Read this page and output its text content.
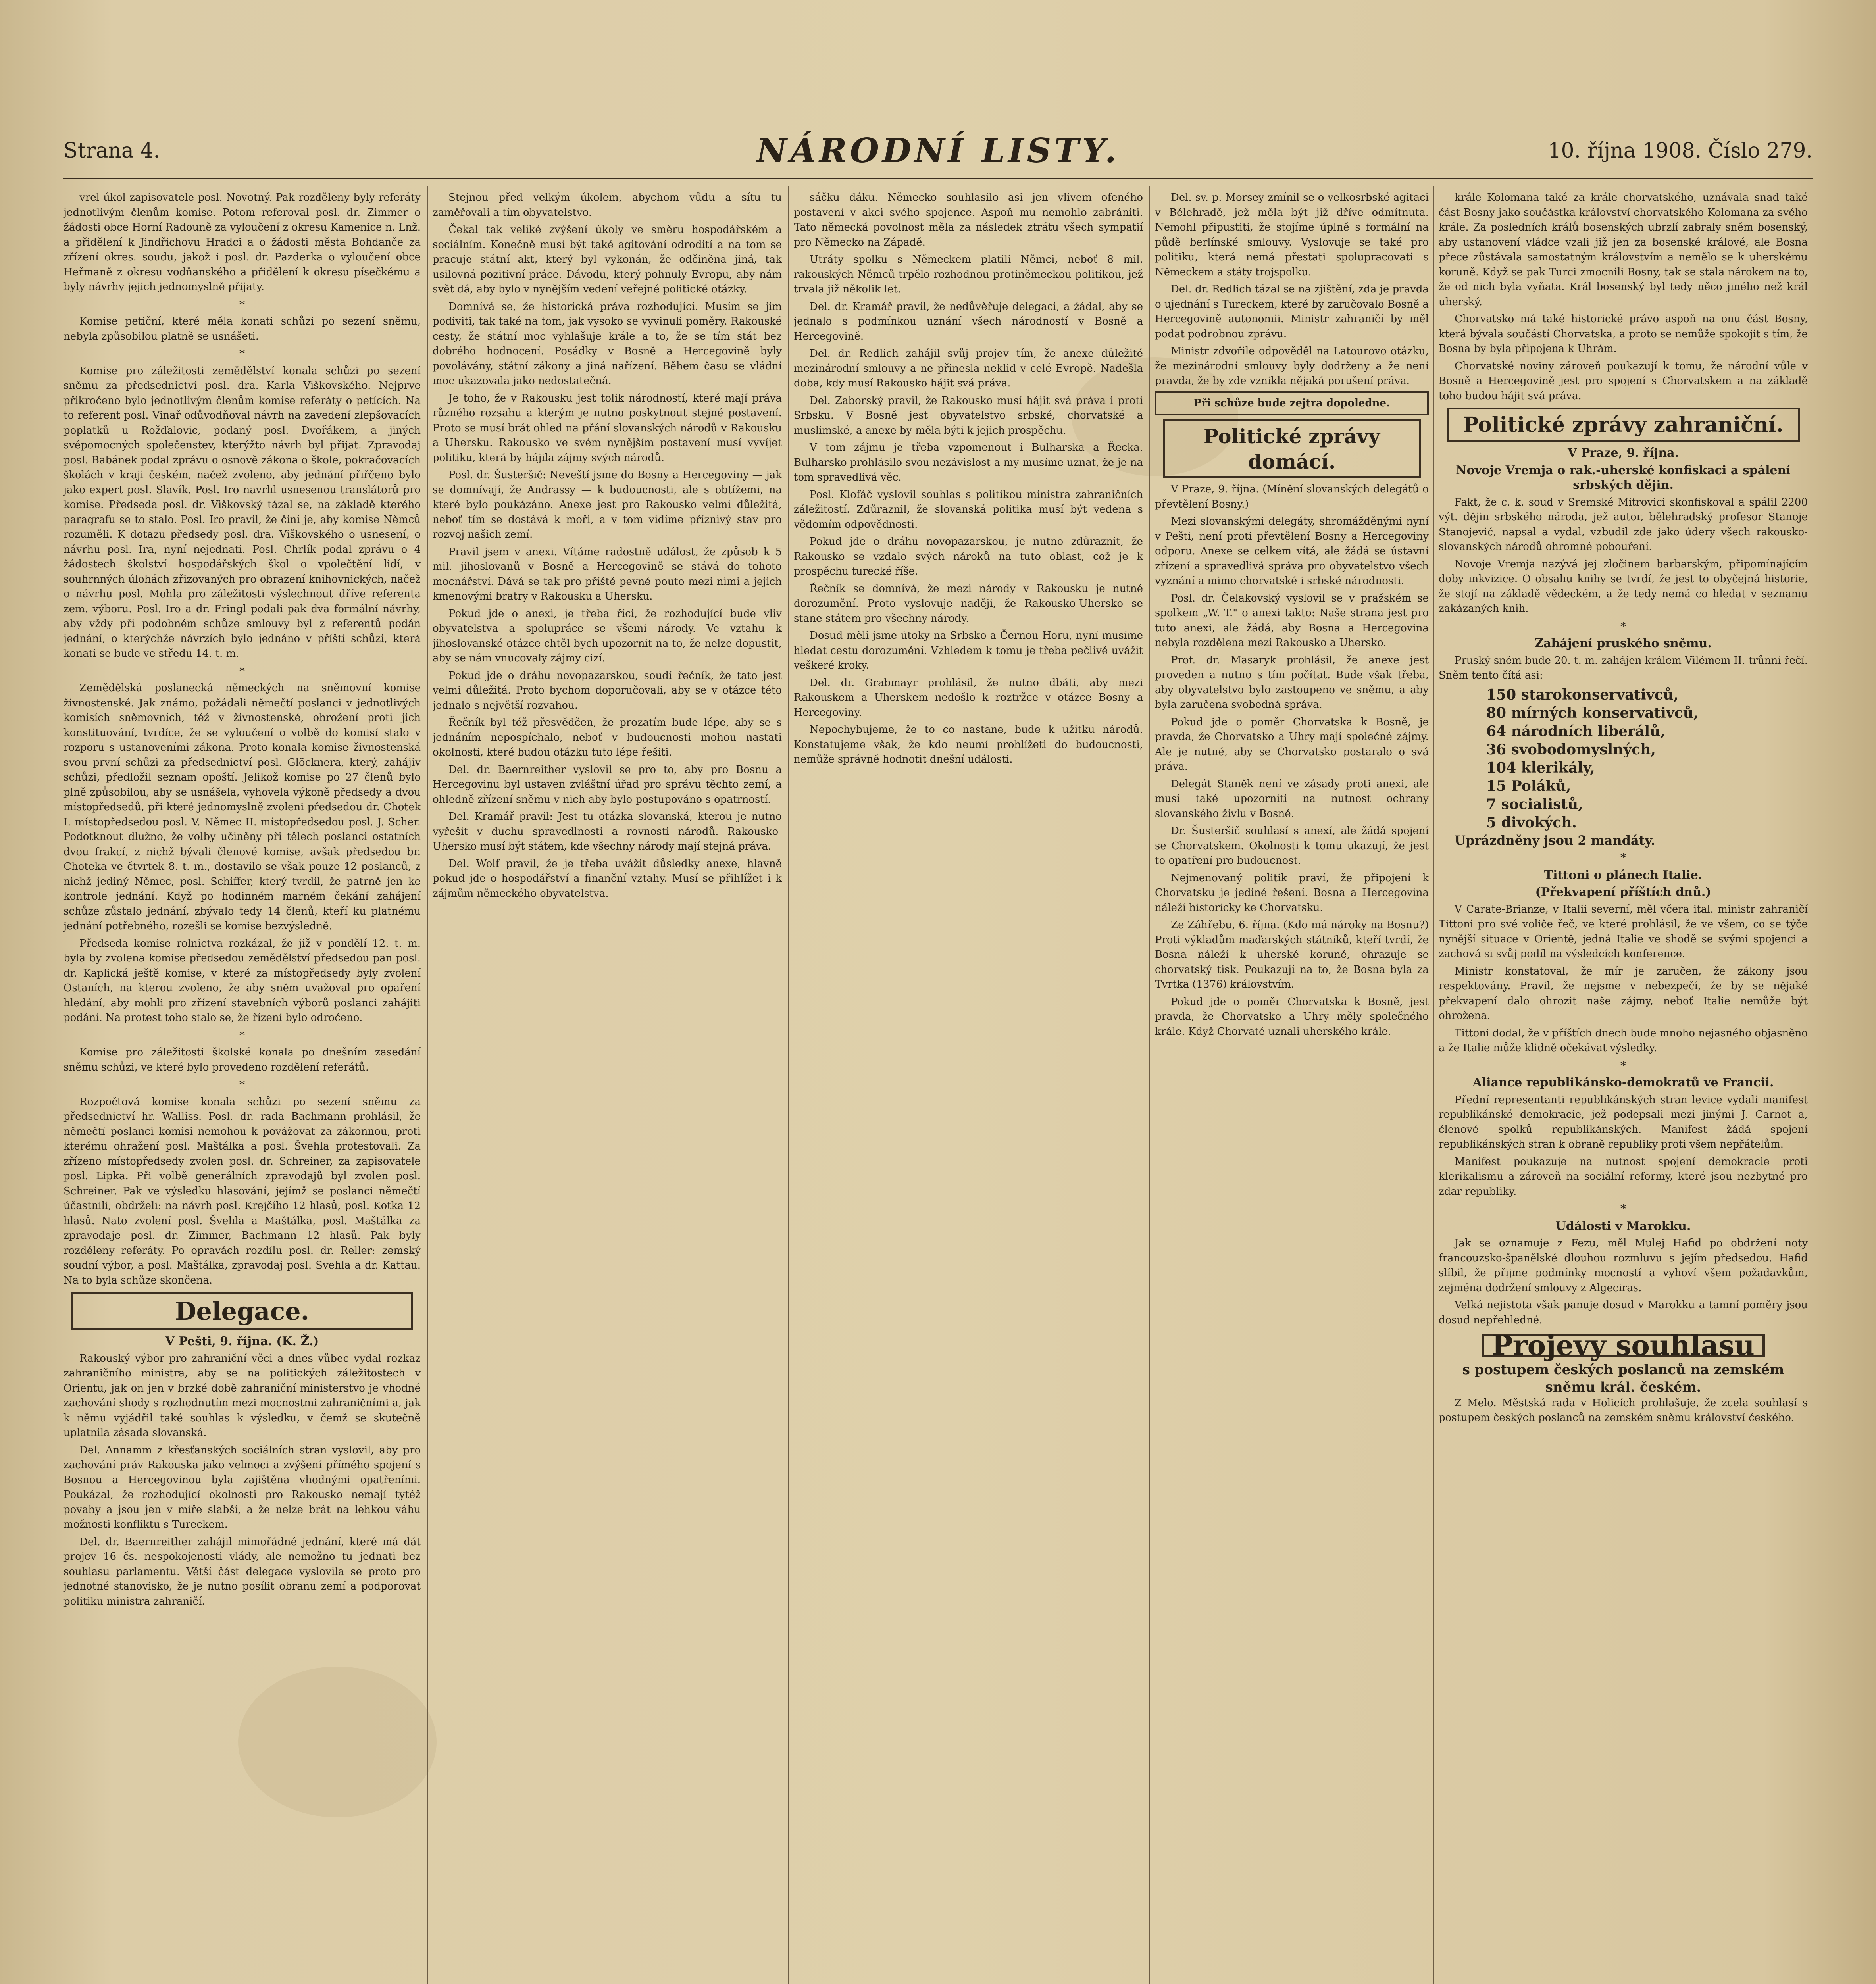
Strana 4.	NÁRODNÍ LISTY.	10. října 1908. Číslo 279.

vrel úkol zapisovatele posl. Novotný. Pak rozděleny byly referáty jednotlivým členům komise. Potom referoval posl. dr. Zimmer o žádosti obce Horní Radouně za vyloučení z okresu Kamenice n. Lnž. a přidělení k Jindřichovu Hradci a o žádosti města Bohdanče za zřízení okres. soudu, jakož i posl. dr. Pazderka o vyloučení obce Heřmaně z okresu vodňanského a přidělení k okresu písečkému a byly návrhy jejich jednomyslně přijaty.

*

Komise petiční, které měla konati schůzi po sezení sněmu, nebyla způsobilou platně se usnášeti.

*

Komise pro záležitosti zemědělství konala schůzi po sezení sněmu za předsednictví posl. dra. Karla Viškovského. Nejprve přikročeno bylo jednotlivým členům komise referáty o petících. Na to referent posl. Vinař odůvodňoval návrh na zavedení zlepšovacích poplatků u Rožďalovic, podaný posl. Dvořákem, a jiných svépomocných společenstev, kterýžto návrh byl přijat. Zpravodaj posl. Babánek podal zprávu o osnově zákona o škole, pokračovacích školách v kraji českém, načež zvoleno, aby jednání přiřčeno bylo jako expert posl. Slavík. Posl. Iro navrhl usnesenou translátorů pro komise. Předseda posl. dr. Viškovský tázal se, na základě kterého paragrafu se to stalo. Posl. Iro pravil, že činí je, aby komise Němců rozuměli. K dotazu předsedy posl. dra. Viškovského o usnesení, o návrhu posl. Ira, nyní nejednati. Posl. Chrlík podal zprávu o 4 žádostech školství hospodářských škol o vpolečtění lidí, v souhrnných úlohách zřizovaných pro obrazení knihovnických, načež o návrhu posl. Mohla pro záležitosti výslechnout dříve referenta zem. výboru. Posl. Iro a dr. Fringl podali pak dva formální návrhy, aby vždy při podobném schůze smlouvy byl z referentů podán jednání, o kterýchže návrzích bylo jednáno v příští schůzi, která konati se bude ve středu 14. t. m.

*

Zemědělská poslanecká německých na sněmovní komise živnostenské. Jak známo, požádali němečtí poslanci v jednotlivých komisích sněmovních, též v živnostenské, ohrožení proti jich konstituování, tvrdíce, že se vyloučení o volbě do komisí stalo v rozporu s ustanoveními zákona. Proto konala komise živnostenská svou první schůzi za předsednictví posl. Glöcknera, který, zahájiv schůzi, předložil seznam opoští. Jelikož komise po 27 členů bylo plně způsobilou, aby se usnášela, vyhovela výkoně předsedy a dvou místopředsedů, při které jednomyslně zvoleni předsedou dr. Chotek I. místopředsedou posl. V. Němec II. místopředsedou posl. J. Scher. Podotknout dlužno, že volby učiněny při tělech poslanci ostatních dvou frakcí, z nichž bývali členové komise, avšak předsedou br. Choteka ve čtvrtek 8. t. m., dostavilo se však pouze 12 poslanců, z nichž jediný Němec, posl. Schiffer, který tvrdil, že patrně jen ke kontrole jednání. Když po hodinném marném čekání zahájení schůze zůstalo jednání, zbývalo tedy 14 členů, kteří ku platnému jednání potřebného, rozešli se komise bezvýsledně.

Předseda komise rolnictva rozkázal, že již v pondělí 12. t. m. byla by zvolena komise předsedou zemědělství předsedou pan posl. dr. Kaplická ještě komise, v které za místopředsedy byly zvolení Ostaních, na kterou zvoleno, že aby sněm uvažoval pro opaření hledání, aby mohli pro zřízení stavebních výborů poslanci zahájiti podání. Na protest toho stalo se, že řízení bylo odročeno.

*

Komise pro záležitosti školské konala po dnešním zasedání sněmu schůzi, ve které bylo provedeno rozdělení referátů.

*

Rozpočtová komise konala schůzi po sezení sněmu za předsednictví hr. Walliss. Posl. dr. rada Bachmann prohlásil, že němečtí poslanci komisi nemohou k povážovat za zákonnou, proti kterému ohražení posl. Maštálka a posl. Švehla protestovali. Za zřízeno místopředsedy zvolen posl. dr. Schreiner, za zapisovatele posl. Lipka. Při volbě generálních zpravodajů byl zvolen posl. Schreiner. Pak ve výsledku hlasování, jejímž se poslanci němečtí účastnili, obdrželi: na návrh posl. Krejčího 12 hlasů, posl. Kotka 12 hlasů. Nato zvolení posl. Švehla a Maštálka, posl. Maštálka za zpravodaje posl. dr. Zimmer, Bachmann 12 hlasů. Pak byly rozděleny referáty. Po opravách rozdílu posl. dr. Reller: zemský soudní výbor, a posl. Maštálka, zpravodaj posl. Svehla a dr. Kattau. Na to byla schůze skončena.

Delegace.

V Pešti, 9. října. (K. Ž.)

Rakouský výbor pro zahraniční věci a dnes vůbec vydal rozkaz zahraničního ministra, aby se na politických záležitostech v Orientu, jak on jen v brzké době zahraniční ministerstvo je vhodné zachování shody s rozhodnutím mezi mocnostmi zahraničními a, jak k němu vyjádřil také souhlas k výsledku, v čemž se skutečně uplatnila zásada slovanská.

Del. Annamm z křesťanských sociálních stran vyslovil, aby pro zachování práv Rakouska jako velmoci a zvýšení přímého spojení s Bosnou a Hercegovinou byla zajištěna vhodnými opatřeními. Poukázal, že rozhodující okolnosti pro Rakousko nemají tytéž povahy a jsou jen v míře slabší, a že nelze brát na lehkou váhu možnosti konfliktu s Tureckem.

Del. dr. Baernreither zahájil mimořádné jednání, které má dát projev 16 čs. nespokojenosti vlády, ale nemožno tu jednati bez souhlasu parlamentu. Větší část delegace vyslovila se proto pro jednotné stanovisko, že je nutno posílit obranu zemí a podporovat politiku ministra zahraničí.

Stejnou před velkým úkolem, abychom vůdu a sítu tu zaměřovali a tím obyvatelstvo.

Čekal tak veliké zvýšení úkoly ve směru hospodářském a sociálním. Konečně musí být také agitování odrodití a na tom se pracuje státní akt, který byl vykonán, že odčiněna jiná, tak usilovná pozitivní práce. Dávodu, který pohnuly Evropu, aby nám svět dá, aby bylo v nynějším vedení veřejné politické otázky.

Domnívá se, že historická práva rozhodující. Musím se jim podiviti, tak také na tom, jak vysoko se vyvinuli poměry. Rakouské cesty, že státní moc vyhlašuje krále a to, že se tím stát bez dobrého hodnocení. Posádky v Bosně a Hercegovině byly povolávány, státní zákony a jiná nařízení. Během času se vládní moc ukazovala jako nedostatečná.

Je toho, že v Rakousku jest tolik národností, které mají práva různého rozsahu a kterým je nutno poskytnout stejné postavení. Proto se musí brát ohled na přání slovanských národů v Rakousku a Uhersku. Rakousko ve svém nynějším postavení musí vyvíjet politiku, která by hájila zájmy svých národů.

Posl. dr. Šusteršič: Neveští jsme do Bosny a Hercegoviny — jak se domnívají, že Andrassy — k budoucnosti, ale s obtížemi, na které bylo poukázáno. Anexe jest pro Rakousko velmi důležitá, neboť tím se dostává k moři, a v tom vidíme příznivý stav pro rozvoj našich zemí.

Pravil jsem v anexi. Vítáme radostně událost, že způsob k 5 mil. jihoslovanů v Bosně a Hercegovině se stává do tohoto mocnářství. Dává se tak pro příště pevné pouto mezi nimi a jejich kmenovými bratry v Rakousku a Uhersku.

Pokud jde o anexi, je třeba říci, že rozhodující bude vliv obyvatelstva a spolupráce se všemi národy. Ve vztahu k jihoslovanské otázce chtěl bych upozornit na to, že nelze dopustit, aby se nám vnucovaly zájmy cizí.

Pokud jde o dráhu novopazarskou, soudí řečník, že tato jest velmi důležitá. Proto bychom doporučovali, aby se v otázce této jednalo s největší rozvahou.

Řečník byl též přesvědčen, že prozatím bude lépe, aby se s jednáním nepospíchalo, neboť v budoucnosti mohou nastati okolnosti, které budou otázku tuto lépe řešiti.

Del. dr. Baernreither vyslovil se pro to, aby pro Bosnu a Hercegovinu byl ustaven zvláštní úřad pro správu těchto zemí, a ohledně zřízení sněmu v nich aby bylo postupováno s opatrností.

Del. Kramář pravil: Jest tu otázka slovanská, kterou je nutno vyřešit v duchu spravedlnosti a rovnosti národů. Rakousko-Uhersko musí být státem, kde všechny národy mají stejná práva.

Del. Wolf pravil, že je třeba uvážit důsledky anexe, hlavně pokud jde o hospodářství a finanční vztahy. Musí se přihlížet i k zájmům německého obyvatelstva.

sáčku dáku. Německo souhlasilo asi jen vlivem ofeného postavení v akci svého spojence. Aspoň mu nemohlo zabrániti. Tato německá povolnost měla za následek ztrátu všech sympatií pro Německo na Západě.

Utráty spolku s Německem platili Němci, neboť 8 mil. rakouských Němců trpělo rozhodnou protiněmeckou politikou, jež trvala již několik let.

Del. dr. Kramář pravil, že nedůvěřuje delegaci, a žádal, aby se jednalo s podmínkou uznání všech národností v Bosně a Hercegovině.

Del. dr. Redlich zahájil svůj projev tím, že anexe důležité mezinárodní smlouvy a ne přinesla neklid v celé Evropě. Nadešla doba, kdy musí Rakousko hájit svá práva.

Del. Zaborský pravil, že Rakousko musí hájit svá práva i proti Srbsku. V Bosně jest obyvatelstvo srbské, chorvatské a muslimské, a anexe by měla býti k jejich prospěchu.

V tom zájmu je třeba vzpomenout i Bulharska a Řecka. Bulharsko prohlásilo svou nezávislost a my musíme uznat, že je na tom spravedlivá věc.

Posl. Klofáč vyslovil souhlas s politikou ministra zahraničních záležitostí. Zdůraznil, že slovanská politika musí být vedena s vědomím odpovědnosti.

Pokud jde o dráhu novopazarskou, je nutno zdůraznit, že Rakousko se vzdalo svých nároků na tuto oblast, což je k prospěchu turecké říše.

Řečník se domnívá, že mezi národy v Rakousku je nutné dorozumění. Proto vyslovuje naději, že Rakousko-Uhersko se stane státem pro všechny národy.

Dosud měli jsme útoky na Srbsko a Černou Horu, nyní musíme hledat cestu dorozumění. Vzhledem k tomu je třeba pečlivě uvážit veškeré kroky.

Del. dr. Grabmayr prohlásil, že nutno dbáti, aby mezi Rakouskem a Uherskem nedošlo k roztržce v otázce Bosny a Hercegoviny.

Nepochybujeme, že to co nastane, bude k užitku národů. Konstatujeme však, že kdo neumí prohlížeti do budoucnosti, nemůže správně hodnotit dnešní události.

Del. sv. p. Morsey zmínil se o velkosrbské agitaci v Bělehradě, jež měla být již dříve odmítnuta. Nemohl připustiti, že stojíme úplně s formální na půdě berlínské smlouvy. Vyslovuje se také pro politiku, která nemá přestati spolupracovati s Německem a státy trojspolku.

Del. dr. Redlich tázal se na zjištění, zda je pravda o ujednání s Tureckem, které by zaručovalo Bosně a Hercegovině autonomii. Ministr zahraničí by měl podat podrobnou zprávu.

Ministr zdvořile odpověděl na Latourovo otázku, že mezinárodní smlouvy byly dodrženy a že není pravda, že by zde vznikla nějaká porušení práva.

Při schůze bude zejtra dopoledne.

Politické zprávy domácí.

V Praze, 9. října. (Mínění slovanských delegátů o převtělení Bosny.)

Mezi slovanskými delegáty, shromážděnými nyní v Pešti, není proti převtělení Bosny a Hercegoviny odporu. Anexe se celkem vítá, ale žádá se ústavní zřízení a spravedlivá správa pro obyvatelstvo všech vyznání a mimo chorvatské i srbské národnosti.

Posl. dr. Čelakovský vyslovil se v pražském se spolkem „W. T." o anexi takto: Naše strana jest pro tuto anexi, ale žádá, aby Bosna a Hercegovina nebyla rozdělena mezi Rakousko a Uhersko.

Prof. dr. Masaryk prohlásil, že anexe jest proveden a nutno s tím počítat. Bude však třeba, aby obyvatelstvo bylo zastoupeno ve sněmu, a aby byla zaručena svobodná správa.

Pokud jde o poměr Chorvatska k Bosně, je pravda, že Chorvatsko a Uhry mají společné zájmy. Ale je nutné, aby se Chorvatsko postaralo o svá práva.

Delegát Staněk není ve zásady proti anexi, ale musí také upozorniti na nutnost ochrany slovanského živlu v Bosně.

Dr. Šusteršič souhlasí s anexí, ale žádá spojení se Chorvatskem. Okolnosti k tomu ukazují, že jest to opatření pro budoucnost.

Nejmenovaný politik praví, že připojení k Chorvatsku je jediné řešení. Bosna a Hercegovina náleží historicky ke Chorvatsku.

Ze Záhřebu, 6. října. (Kdo má nároky na Bosnu?) Proti výkladům maďarských státníků, kteří tvrdí, že Bosna náleží k uherské koruně, ohrazuje se chorvatský tisk. Poukazují na to, že Bosna byla za Tvrtka (1376) královstvím.

Pokud jde o poměr Chorvatska k Bosně, jest pravda, že Chorvatsko a Uhry měly společného krále. Když Chorvaté uznali uherského krále.

krále Kolomana také za krále chorvatského, uznávala snad také část Bosny jako součástka království chorvatského Kolomana za svého krále. Za posledních králů bosenských ubrzlí zabraly sněm bosenský, aby ustanovení vládce vzali již jen za bosenské králové, ale Bosna přece zůstávala samostatným královstvím a nemělo se k uherskému koruně. Když se pak Turci zmocnili Bosny, tak se stala nárokem na to, že od nich byla vyňata. Král bosenský byl tedy něco jiného než král uherský.

Chorvatsko má také historické právo aspoň na onu část Bosny, která bývala součástí Chorvatska, a proto se nemůže spokojit s tím, že Bosna by byla připojena k Uhrám.

Chorvatské noviny zároveň poukazují k tomu, že národní vůle v Bosně a Hercegovině jest pro spojení s Chorvatskem a na základě toho budou hájit svá práva.

Politické zprávy zahraniční.

V Praze, 9. října.

Novoje Vremja o rak.-uherské konfiskaci a spálení srbských dějin.

Fakt, že c. k. soud v Sremské Mitrovici skonfiskoval a spálil 2200 výt. dějin srbského národa, jež autor, bělehradský profesor Stanoje Stanojević, napsal a vydal, vzbudil zde jako údery všech rakousko-slovanských národů ohromné pobouření.

Novoje Vremja nazývá jej zločinem barbarským, připomínajícím doby inkvizice. O obsahu knihy se tvrdí, že jest to obyčejná historie, že stojí na základě vědeckém, a že tedy nemá co hledat v seznamu zakázaných knih.

*

Zahájení pruského sněmu.

Pruský sněm bude 20. t. m. zahájen králem Vilémem II. trůnní řečí. Sněm tento čítá asi:

150 starokonservativců,
80 mírných konservativců,
64 národních liberálů,
36 svobodomyslných,
104 klerikály,
15 Poláků,
7 socialistů,
5 divokých.

Uprázdněny jsou 2 mandáty.

*

Tittoni o plánech Italie.

(Překvapení příštích dnů.)

V Carate-Brianze, v Italii severní, měl včera ital. ministr zahraničí Tittoni pro své voliče řeč, ve které prohlásil, že ve všem, co se týče nynější situace v Orientě, jedná Italie ve shodě se svými spojenci a zachová si svůj podíl na výsledcích konference.

Ministr konstatoval, že mír je zaručen, že zákony jsou respektovány. Pravil, že nejsme v nebezpečí, že by se nějaké překvapení dalo ohrozit naše zájmy, neboť Italie nemůže být ohrožena.

Tittoni dodal, že v příštích dnech bude mnoho nejasného objasněno a že Italie může klidně očekávat výsledky.

*

Aliance republikánsko-demokratů ve Francii.

Přední representanti republikánských stran levice vydali manifest republikánské demokracie, jež podepsali mezi jinými J. Carnot a, členové spolků republikánských. Manifest žádá spojení republikánských stran k obraně republiky proti všem nepřátelům.

Manifest poukazuje na nutnost spojení demokracie proti klerikalismu a zároveň na sociální reformy, které jsou nezbytné pro zdar republiky.

*

Události v Marokku.

Jak se oznamuje z Fezu, měl Mulej Hafid po obdržení noty francouzsko-španělské dlouhou rozmluvu s jejím předsedou. Hafid slíbil, že přijme podmínky mocností a vyhoví všem požadavkům, zejména dodržení smlouvy z Algeciras.

Velká nejistota však panuje dosud v Marokku a tamní poměry jsou dosud nepřehledné.

Projevy souhlasu
s postupem českých poslanců na zemském sněmu král. českém.

Z Melo. Městská rada v Holicích prohlašuje, že zcela souhlasí s postupem českých poslanců na zemském sněmu království českého.
